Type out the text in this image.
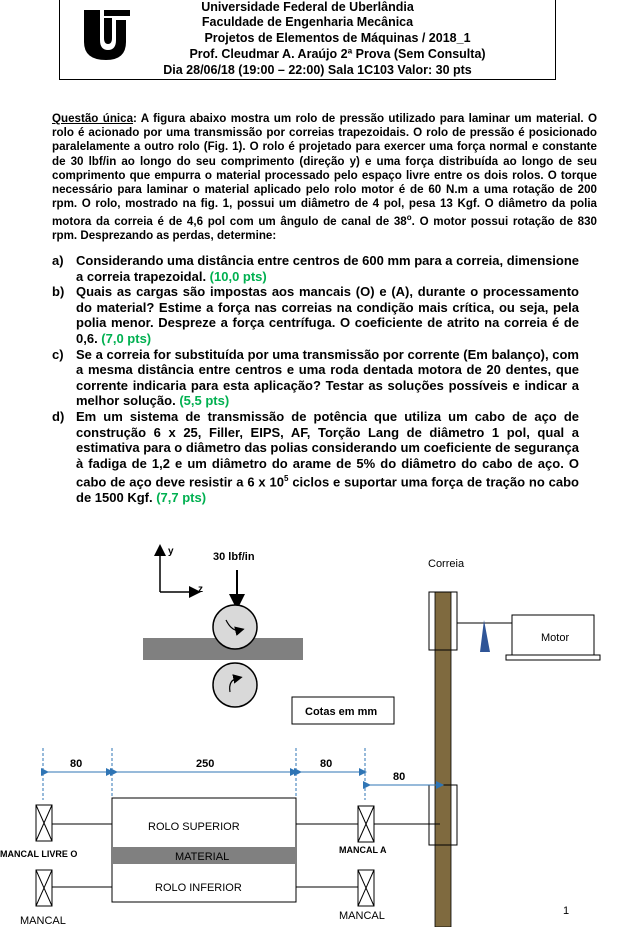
Universidade Federal de Uberlândia
Faculdade de Engenharia Mecânica
Projetos de Elementos de Máquinas / 2018_1
Prof. Cleudmar A. Araújo 2ª Prova (Sem Consulta)
Dia 28/06/18 (19:00 – 22:00) Sala 1C103 Valor: 30 pts
Questão única: A figura abaixo mostra um rolo de pressão utilizado para laminar um material. O rolo é acionado por uma transmissão por correias trapezoidais. O rolo de pressão é posicionado paralelamente a outro rolo (Fig. 1). O rolo é projetado para exercer uma força normal e constante de 30 lbf/in ao longo do seu comprimento (direção y) e uma força distribuída ao longo de seu comprimento que empurra o material processado pelo espaço livre entre os dois rolos. O torque necessário para laminar o material aplicado pelo rolo motor é de 60 N.m a uma rotação de 200 rpm. O rolo, mostrado na fig. 1, possui um diâmetro de 4 pol, pesa 13 Kgf. O diâmetro da polia motora da correia é de 4,6 pol com um ângulo de canal de 38$^o$. O motor possui rotação de 830 rpm. Desprezando as perdas, determine:
a) Considerando uma distância entre centros de 600 mm para a correia, dimensione a correia trapezoidal. (10,0 pts)
b) Quais as cargas são impostas aos mancais (O) e (A), durante o processamento do material? Estime a força nas correias na condição mais crítica, ou seja, pela polia menor. Despreze a força centrífuga. O coeficiente de atrito na correia é de 0,6. (7,0 pts)
c) Se a correia for substituída por uma transmissão por corrente (Em balanço), com a mesma distância entre centros e uma roda dentada motora de 20 dentes, que corrente indicaria para esta aplicação? Testar as soluções possíveis e indicar a melhor solução. (5,5 pts)
d) Em um sistema de transmissão de potência que utiliza um cabo de aço de construção 6 x 25, Filler, EIPS, AF, Torção Lang de diâmetro 1 pol, qual a estimativa para o diâmetro das polias considerando um coeficiente de segurança à fadiga de 1,2 e um diâmetro do arame de 5% do diâmetro do cabo de aço. O cabo de aço deve resistir a 6 x $10^5$ ciclos e suportar uma força de tração no cabo de 1500 Kgf. (7,7 pts)
y
z
30 lbf/in
Cotas em mm
Correia
Motor
80	250	80
80
ROLO SUPERIOR
MATERIAL
ROLO INFERIOR
MANCAL LIVRE O	MANCAL A
MANCAL	MANCAL	1
